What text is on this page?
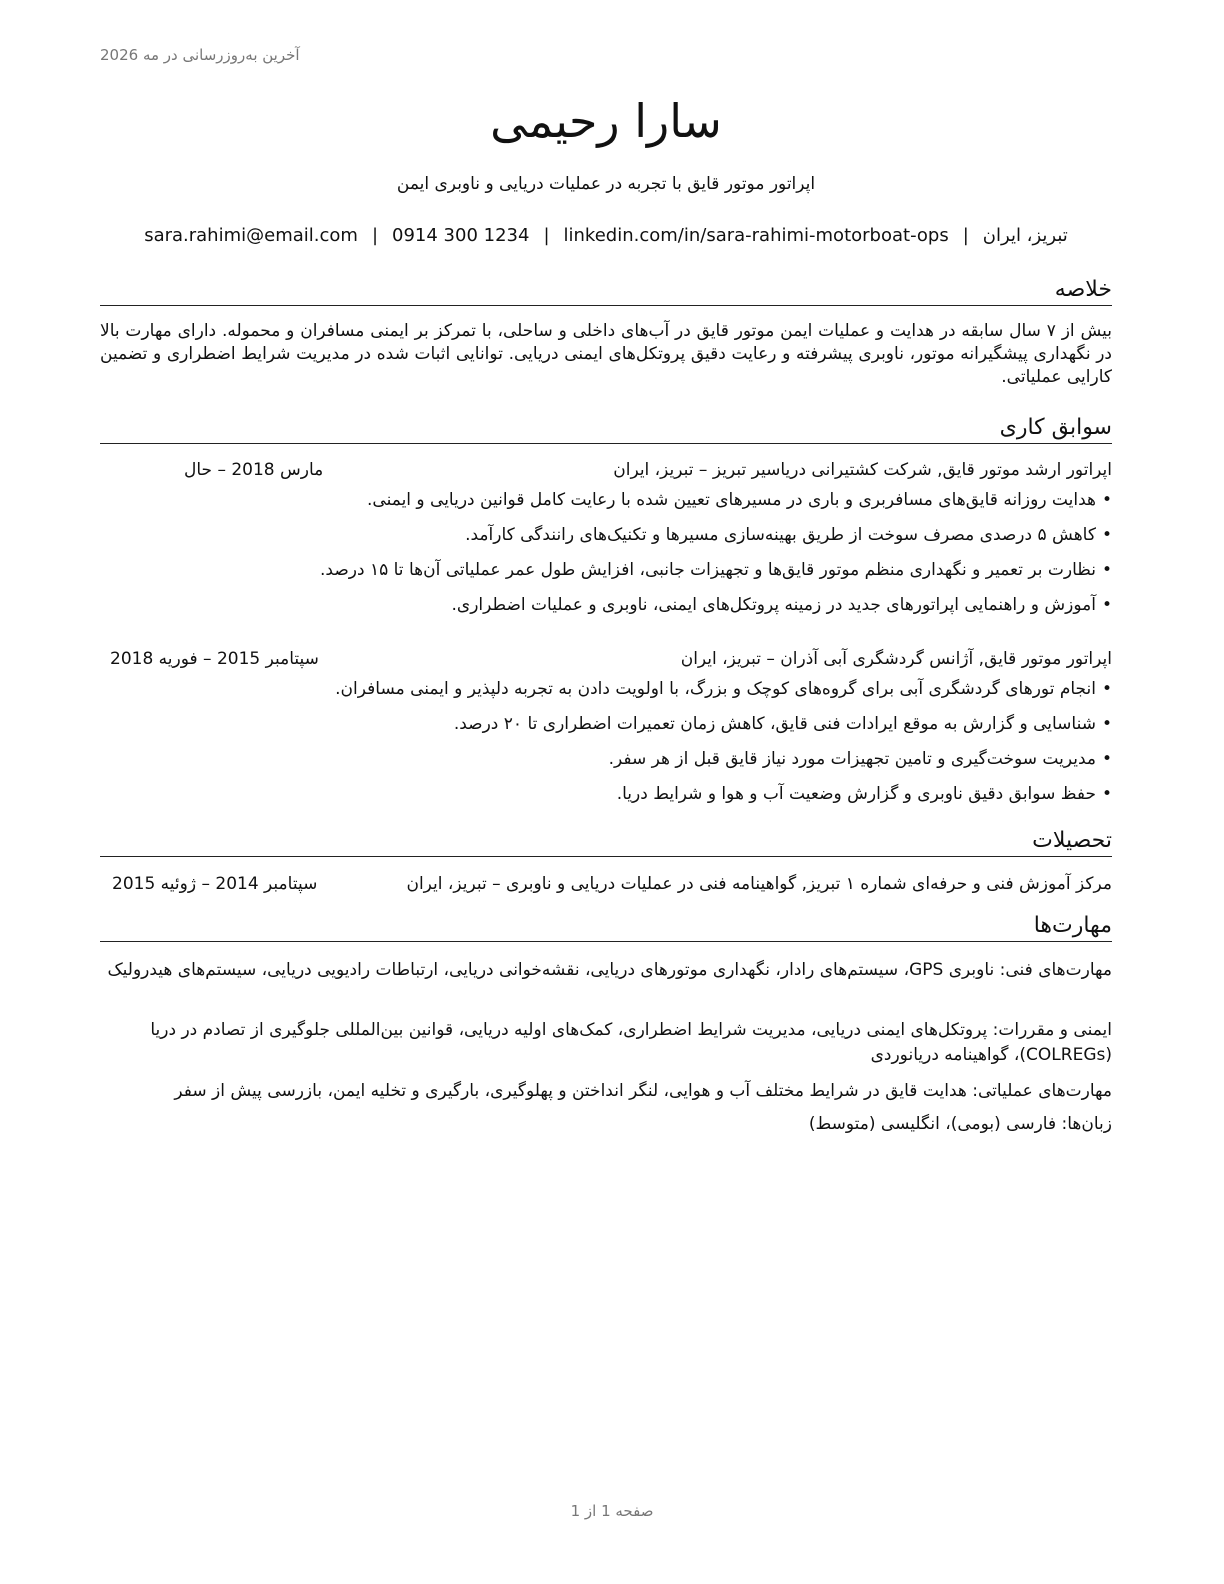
آخرین به‌روزرسانی در مه 2026
سارا رحیمی
اپراتور موتور قایق با تجربه در عملیات دریایی و ناوبری ایمن
تبریز، ایران|sara.rahimi@email.com | 0914 300 1234 | linkedin.com/in/sara-rahimi-motorboat-ops
خلاصه
بیش از ۷ سال سابقه در هدایت و عملیات ایمن موتور قایق در آب‌های داخلی و ساحلی، با تمرکز بر ایمنی مسافران و محموله. دارای مهارت بالا در نگهداری پیشگیرانه موتور، ناوبری پیشرفته و رعایت دقیق پروتکل‌های ایمنی دریایی. توانایی اثبات شده در مدیریت شرایط اضطراری و تضمین کارایی عملیاتی.
سوابق کاری
اپراتور ارشد موتور قایق, شرکت کشتیرانی دریاسیر تبریز – تبریز، ایران
مارس 2018 – حال
•هدایت روزانه قایق‌های مسافربری و باری در مسیرهای تعیین شده با رعایت کامل قوانین دریایی و ایمنی.
•کاهش ۵ درصدی مصرف سوخت از طریق بهینه‌سازی مسیرها و تکنیک‌های رانندگی کارآمد.
•نظارت بر تعمیر و نگهداری منظم موتور قایق‌ها و تجهیزات جانبی، افزایش طول عمر عملیاتی آن‌ها تا ۱۵ درصد.
•آموزش و راهنمایی اپراتورهای جدید در زمینه پروتکل‌های ایمنی، ناوبری و عملیات اضطراری.
اپراتور موتور قایق, آژانس گردشگری آبی آذران – تبریز، ایران
سپتامبر 2015 – فوریه 2018
•انجام تورهای گردشگری آبی برای گروه‌های کوچک و بزرگ، با اولویت دادن به تجربه دلپذیر و ایمنی مسافران.
•شناسایی و گزارش به موقع ایرادات فنی قایق، کاهش زمان تعمیرات اضطراری تا ۲۰ درصد.
•مدیریت سوخت‌گیری و تامین تجهیزات مورد نیاز قایق قبل از هر سفر.
•حفظ سوابق دقیق ناوبری و گزارش وضعیت آب و هوا و شرایط دریا.
تحصیلات
مرکز آموزش فنی و حرفه‌ای شماره ۱ تبریز, گواهینامه فنی در عملیات دریایی و ناوبری – تبریز، ایران
سپتامبر 2014 – ژوئیه 2015
مهارت‌ها
مهارت‌های فنی: ناوبری GPS، سیستم‌های رادار، نگهداری موتورهای دریایی، نقشه‌خوانی دریایی، ارتباطات رادیویی دریایی، سیستم‌های هیدرولیک
ایمنی و مقررات: پروتکل‌های ایمنی دریایی، مدیریت شرایط اضطراری، کمک‌های اولیه دریایی، قوانین بین‌المللی جلوگیری از تصادم در دریا (COLREGs)، گواهینامه دریانوردی
مهارت‌های عملیاتی: هدایت قایق در شرایط مختلف آب و هوایی، لنگر انداختن و پهلوگیری، بارگیری و تخلیه ایمن، بازرسی پیش از سفر
زبان‌ها: فارسی (بومی)، انگلیسی (متوسط)
صفحه 1 از 1
